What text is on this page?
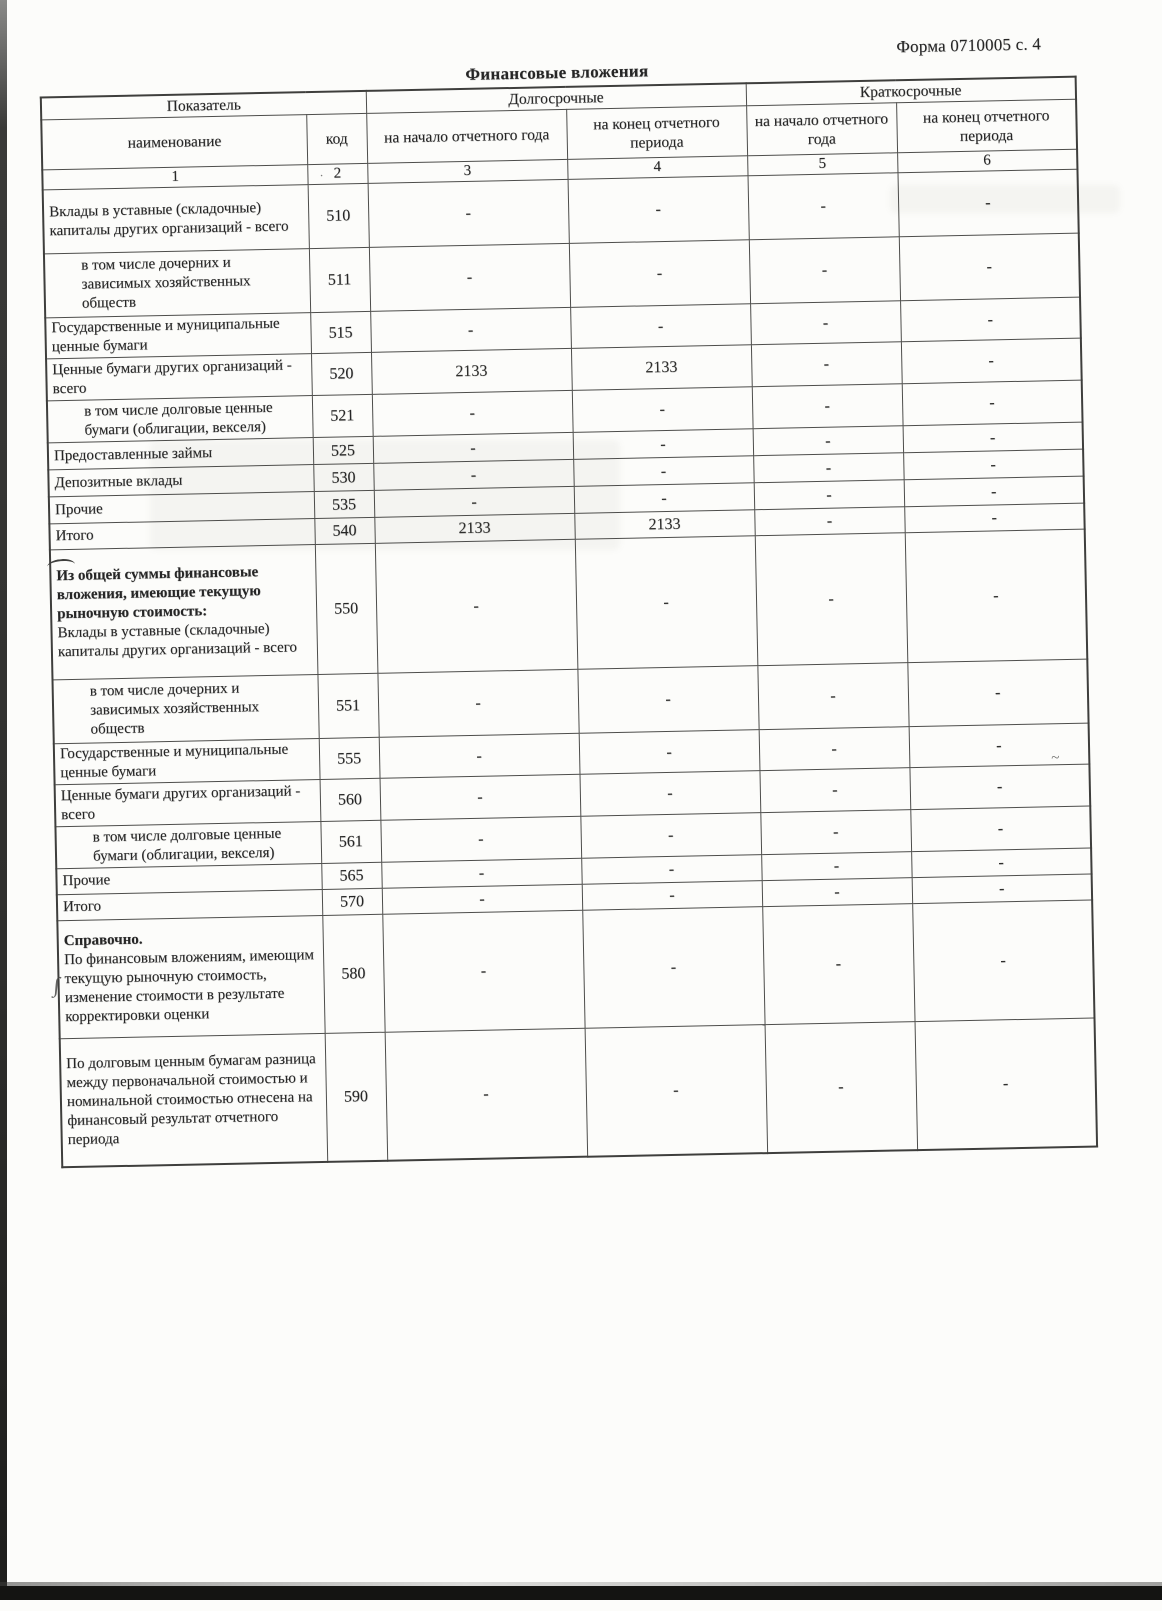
Форма 0710005 с. 4
Финансовые вложения
Показатель		Долгосрочные		Краткосрочные	
наименование	код	на начало отчетного года	на конец отчетного периода	на начало отчетного года	на конец отчетного периода
1	2	3	4	5	6

Вклады в уставные (складочные) капиталы других организаций - всего	510	-	-	-	-

в том числе дочерних и зависимых хозяйственных обществ	511	-	-	-	-

Государственные и муниципальные ценные бумаги	515	-	-	-	-

Ценные бумаги других организаций - всего	520	2133	2133	-	-

в том числе долговые ценные бумаги (облигации, векселя)	521	-	-	-	-

Предоставленные займы	525	-	-	-	-

Депозитные вклады	530	-	-	-	-

Прочие	535	-	-	-	-

Итого	540	2133	2133	-	-

Из общей суммы финансовые вложения, имеющие текущую рыночную стоимость:
Вклады в уставные (складочные) капиталы других организаций - всего	550	-	-	-	-

в том числе дочерних и зависимых хозяйственных обществ	551	-	-	-	-

Государственные и муниципальные ценные бумаги	555	-	-	-	-

Ценные бумаги других организаций - всего	560	-	-	-	-

в том числе долговые ценные бумаги (облигации, векселя)	561	-	-	-	-

Прочие	565	-	-	-	-

Итого	570	-	-	-	-

Справочно.
По финансовым вложениям, имеющим текущую рыночную стоимость, изменение стоимости в результате корректировки оценки	580	-	-	-	-

По долговым ценным бумагам разница между первоначальной стоимостью и номинальной стоимостью отнесена на финансовый результат отчетного периода	590	-	-	-	-
∫
~
·
